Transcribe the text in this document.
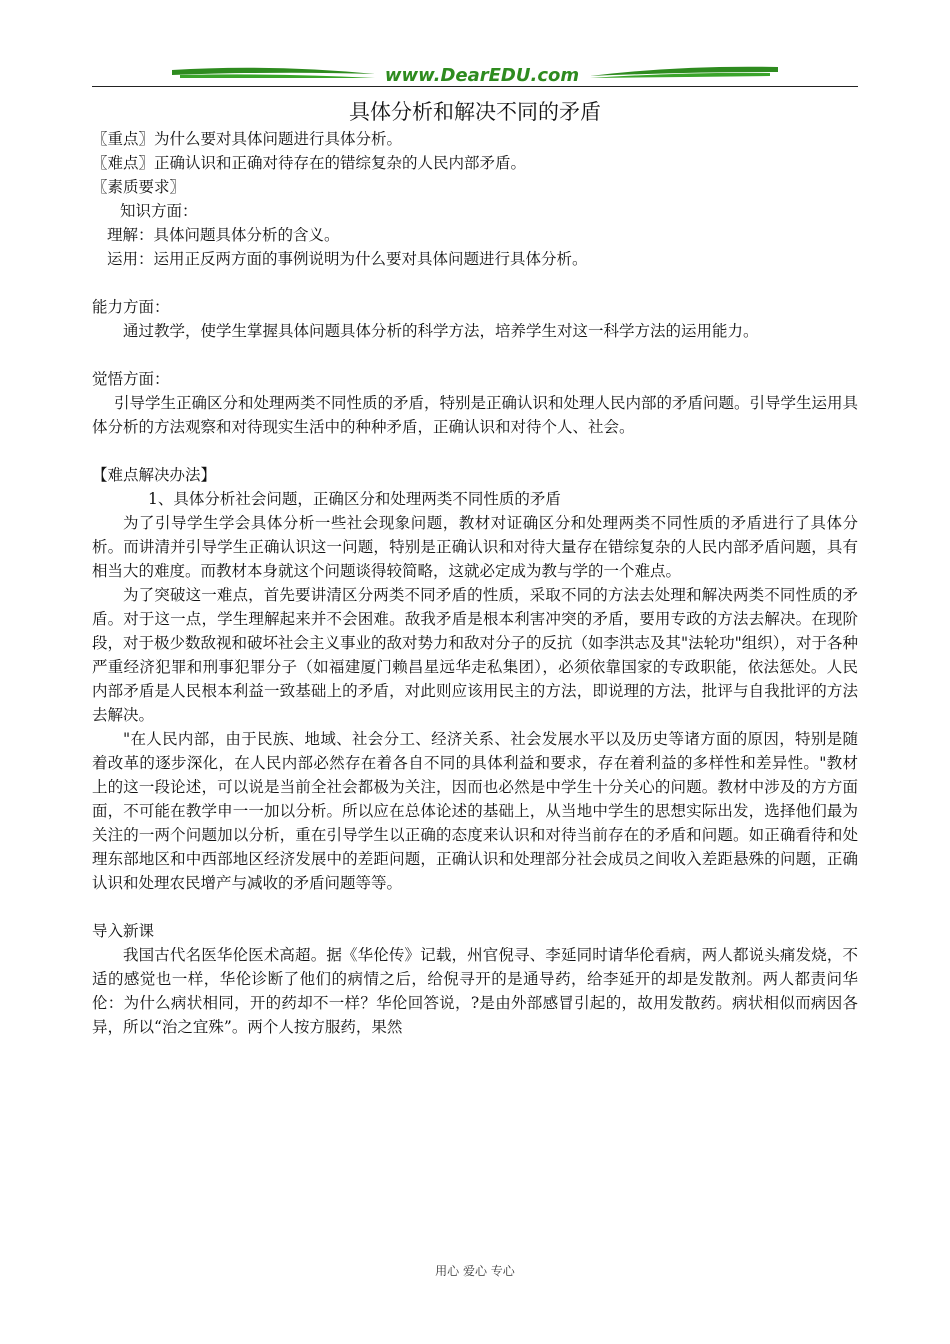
www.DearEDU.com

具体分析和解决不同的矛盾

〖重点〗为什么要对具体问题进行具体分析。

〖难点〗正确认识和正确对待存在的错综复杂的人民内部矛盾。

〖素质要求〗

知识方面：

理解：具体问题具体分析的含义。

运用：运用正反两方面的事例说明为什么要对具体问题进行具体分析。

能力方面：

通过教学，使学生掌握具体问题具体分析的科学方法，培养学生对这一科学方法的运用能力。

觉悟方面：

引导学生正确区分和处理两类不同性质的矛盾，特别是正确认识和处理人民内部的矛盾问题。引导学生运用具体分析的方法观察和对待现实生活中的种种矛盾，正确认识和对待个人、社会。

【难点解决办法】

1、具体分析社会问题，正确区分和处理两类不同性质的矛盾

为了引导学生学会具体分析一些社会现象问题，教材对证确区分和处理两类不同性质的矛盾进行了具体分析。而讲清并引导学生正确认识这一问题，特别是正确认识和对待大量存在错综复杂的人民内部矛盾问题，具有相当大的难度。而教材本身就这个问题谈得较简略，这就必定成为教与学的一个难点。

为了突破这一难点，首先要讲清区分两类不同矛盾的性质，采取不同的方法去处理和解决两类不同性质的矛盾。对于这一点，学生理解起来并不会困难。敌我矛盾是根本利害冲突的矛盾，要用专政的方法去解决。在现阶段，对于极少数敌视和破坏社会主义事业的敌对势力和敌对分子的反抗（如李洪志及其"法轮功"组织），对于各种严重经济犯罪和刑事犯罪分子（如福建厦门赖昌星远华走私集团），必须依靠国家的专政职能，依法惩处。人民内部矛盾是人民根本利益一致基础上的矛盾，对此则应该用民主的方法，即说理的方法，批评与自我批评的方法去解决。

"在人民内部，由于民族、地域、社会分工、经济关系、社会发展水平以及历史等诸方面的原因，特别是随着改革的逐步深化，在人民内部必然存在着各自不同的具体利益和要求，存在着利益的多样性和差异性。"教材上的这一段论述，可以说是当前全社会都极为关注，因而也必然是中学生十分关心的问题。教材中涉及的方方面面，不可能在教学申一一加以分析。所以应在总体论述的基础上，从当地中学生的思想实际出发，选择他们最为关注的一两个问题加以分析，重在引导学生以正确的态度来认识和对待当前存在的矛盾和问题。如正确看待和处理东部地区和中西部地区经济发展中的差距问题，正确认识和处理部分社会成员之间收入差距悬殊的问题，正确认识和处理农民增产与减收的矛盾问题等等。

导入新课

我国古代名医华伦医术高超。据《华伦传》记载，州官倪寻、李延同时请华伦看病，两人都说头痛发烧，不适的感觉也一样，华伦诊断了他们的病情之后，给倪寻开的是通导药，给李延开的却是发散剂。两人都责问华伦：为什么病状相同，开的药却不一样？华伦回答说，?是由外部感冒引起的，故用发散药。病状相似而病因各异，所以“治之宜殊”。两个人按方服药，果然

用心 爱心 专心
